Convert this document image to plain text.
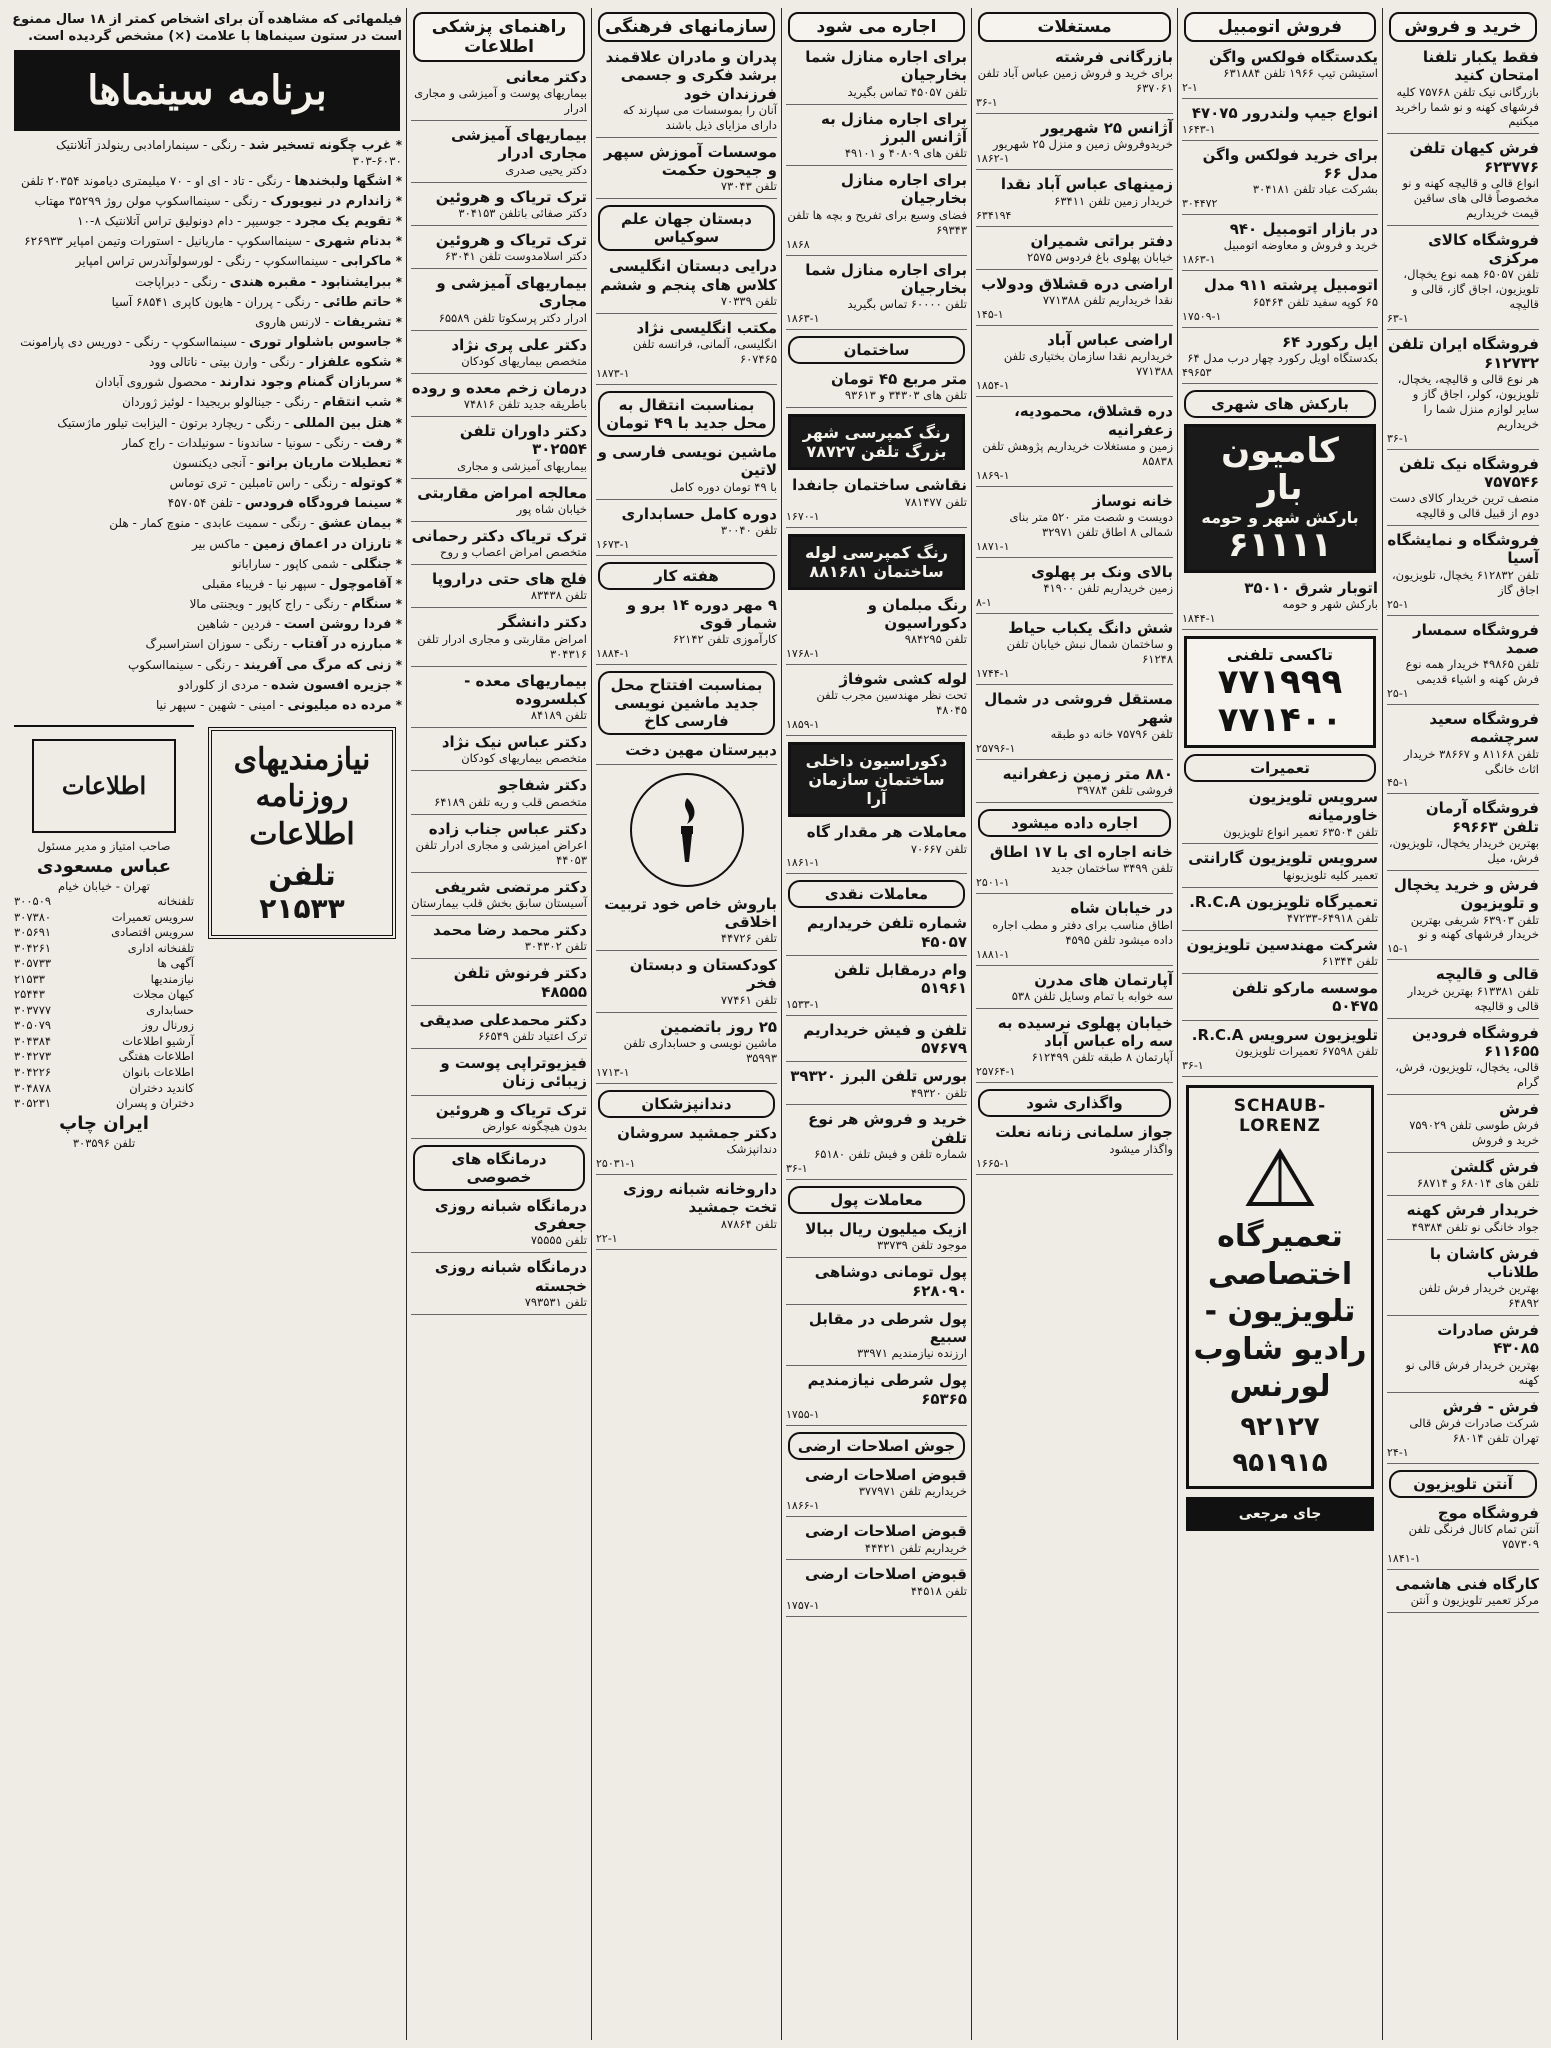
خرید و فروش
فقط یکبار تلفنا امتحان کنید
بازرگانی نیک تلفن ۷۵۷۶۸ کلیه فرشهای کهنه و نو شما راخرید میکنیم
فرش کیهان تلفن ۶۲۳۷۷۶
انواع قالی و قالیچه کهنه و نو مخصوصاً قالی های ساقین قیمت خریداریم
فروشگاه کالای مرکزی
تلفن ۶۵۰۵۷ همه نوع یخچال، تلویزیون، اجاق گاز، قالی و قالیچه
۶۳-۱
فروشگاه ایران تلفن ۶۱۲۷۳۲
هر نوع قالی و قالیچه، یخچال، تلویزیون، کولر، اجاق گاز و سایر لوازم منزل شما را خریداریم
۳۶-۱
فروشگاه نیک تلفن ۷۵۷۵۴۶
منصف ترین خریدار کالای دست دوم از قبیل قالی و قالیچه
فروشگاه و نمایشگاه آسیا
تلفن ۶۱۲۸۳۲ یخچال، تلویزیون، اجاق گاز
۲۵-۱
فروشگاه سمسار صمد
تلفن ۴۹۸۶۵ خریدار همه نوع فرش کهنه و اشیاء قدیمی
۲۵-۱
فروشگاه سعید سرچشمه
تلفن ۸۱۱۶۸ و ۳۸۶۶۷ خریدار اثاث خانگی
۴۵-۱
فروشگاه آرمان تلفن ۶۹۶۶۳
بهترین خریدار یخچال، تلویزیون، فرش، میل
فرش و خرید یخچال و تلویزیون
تلفن ۶۳۹۰۳ شریفی بهترین خریدار فرشهای کهنه و نو
۱۵-۱
قالی و قالیچه
تلفن ۶۱۳۳۸۱ بهترین خریدار قالی و قالیچه
فروشگاه فرودین ۶۱۱۶۵۵
قالی، یخچال، تلویزیون، فرش، گرام
فرش
فرش طوسی تلفن ۷۵۹۰۲۹ خرید و فروش
فرش گلشن
تلفن های ۶۸۰۱۴ و ۶۸۷۱۴
خریدار فرش کهنه
جواد خانگی نو تلفن ۴۹۳۸۴
فرش کاشان با طلاناب
بهترین خریدار فرش تلفن ۶۴۸۹۲
فرش صادرات ۴۳۰۸۵
بهترین خریدار فرش قالی نو کهنه
فرش - فرش
شرکت صادرات فرش قالی تهران تلفن ۶۸۰۱۴
۲۴-۱
آنتن تلویزیون
فروشگاه موج
آنتن تمام کانال فرنگی تلفن ۷۵۷۳۰۹
۱۸۴۱-۱
کارگاه فنی هاشمی
مرکز تعمیر تلویزیون و آنتن
فروش اتومبیل
یکدستگاه فولکس واگن
استیشن تیپ ۱۹۶۶ تلفن ۶۳۱۸۸۴
۲-۱
انواع جیپ ولندرور ۴۷۰۷۵
۱۶۴۳-۱
برای خرید فولکس واگن مدل ۶۶
بشرکت عباد تلفن ۳۰۴۱۸۱
۳۰۴۴۷۲
در بازار اتومبیل ۹۴۰
خرید و فروش و معاوضه اتومبیل
۱۸۶۳-۱
اتومبیل پرشته ۹۱۱ مدل
۶۵ کوپه سفید تلفن ۶۵۴۶۴
۱۷۵۰۹-۱
ایل رکورد ۶۴
بکدستگاه اویل رکورد چهار درب مدل ۶۴
۴۹۶۵۳
بارکش های شهری
کامیون بار
بارکش شهر و حومه
۶۱۱۱۱
اتوبار شرق ۳۵۰۱۰
بارکش شهر و حومه
۱۸۴۴-۱
تاکسی تلفنی
۷۷۱۹۹۹
۷۷۱۴۰۰
تعمیرات
سرویس تلویزیون خاورمیانه
تلفن ۶۳۵۰۴ تعمیر انواع تلویزیون
سرویس تلویزیون گارانتی
تعمیر کلیه تلویزیونها
تعمیرگاه تلویزیون R.C.A.
تلفن ۶۴۹۱۸-۴۷۲۳۳
شرکت مهندسین تلویزیون
تلفن ۶۱۳۴۴
موسسه مارکو تلفن ۵۰۴۷۵
تلویزیون سرویس R.C.A.
تلفن ۶۷۵۹۸ تعمیرات تلویزیون
۳۶-۱
SCHAUB-LORENZ
تعمیرگاه اختصاصی تلویزیون - رادیو شاوب لورنس
۹۲۱۲۷
۹۵۱۹۱۵
جای مرجعی
مستغلات
بازرگانی فرشته
برای خرید و فروش زمین عباس آباد تلفن ۶۳۷۰۶۱
۳۶-۱
آژانس ۲۵ شهریور
خریدوفروش زمین و منزل ۲۵ شهریور
۱۸۶۲-۱
زمینهای عباس آباد نقدا
خریدار زمین تلفن ۶۳۴۱۱
۶۳۴۱۹۴
دفتر براتی شمیران
خیابان پهلوی باغ فردوس ۲۵۷۵
اراضی دره قشلاق ودولاب
نقدا خریداریم تلفن ۷۷۱۳۸۸
۱۴۵-۱
اراضی عباس آباد
خریداریم نقدا سازمان بختیاری تلفن ۷۷۱۳۸۸
۱۸۵۴-۱
دره قشلاق، محمودیه، زعفرانیه
زمین و مستغلات خریداریم پژوهش تلفن ۸۵۸۳۸
۱۸۶۹-۱
خانه نوساز
دویست و شصت متر ۵۲۰ متر بنای شمالی ۸ اطاق تلفن ۳۲۹۷۱
۱۸۷۱-۱
بالای ونک بر پهلوی
زمین خریداریم تلفن ۴۱۹۰۰
۸-۱
شش دانگ یکباب حیاط
و ساختمان شمال نبش خیابان تلفن ۶۱۲۴۸
۱۷۴۴-۱
مستقل فروشی در شمال شهر
تلفن ۷۵۷۹۶ خانه دو طبقه
۲۵۷۹۶-۱
۸۸۰ متر زمین زعفرانیه
فروشی تلفن ۳۹۷۸۴
اجاره داده میشود
خانه اجاره ای با ۱۷ اطاق
تلفن ۳۴۹۹ ساختمان جدید
۲۵۰۱-۱
در خیابان شاه
اطاق مناسب برای دفتر و مطب اجاره داده میشود تلفن ۴۵۹۵
۱۸۸۱-۱
آپارتمان های مدرن
سه خوابه با تمام وسایل تلفن ۵۳۸
خیابان پهلوی نرسیده به سه راه عباس آباد
آپارتمان ۸ طبقه تلفن ۶۱۲۴۹۹
۲۵۷۶۴-۱
واگذاری شود
جواز سلمانی زنانه نعلت
واگذار میشود
۱۶۶۵-۱
اجاره می شود
برای اجاره منازل شما بخارجیان
تلفن ۴۵۰۵۷ تماس بگیرید
برای اجاره منازل به آژانس البرز
تلفن های ۴۰۸۰۹ و ۴۹۱۰۱
برای اجاره منازل بخارجیان
فضای وسیع برای تفریح و بچه ها تلفن ۶۹۳۴۳
۱۸۶۸
برای اجاره منازل شما بخارجیان
تلفن ۶۰۰۰۰ تماس بگیرید
۱۸۶۳-۱
ساختمان
متر مربع ۴۵ تومان
تلفن های ۳۴۳۰۳ و ۹۳۶۱۳
رنگ کمپرسی شهر بزرگ تلفن ۷۸۷۲۷
نقاشی ساختمان جانفدا
تلفن ۷۸۱۴۷۷
۱۶۷۰-۱
رنگ کمپرسی لوله ساختمان ۸۸۱۶۸۱
رنگ مبلمان و دکوراسیون
تلفن ۹۸۴۲۹۵
۱۷۶۸-۱
لوله کشی شوفاژ
تحت نظر مهندسین مجرب تلفن ۴۸۰۴۵
۱۸۵۹-۱
دکوراسیون داخلی ساختمان سازمان آرا
معاملات هر مقدار گاه
تلفن ۷۰۶۶۷
۱۸۶۱-۱
معاملات نقدی
شماره تلفن خریداریم ۴۵۰۵۷
وام درمقابل تلفن ۵۱۹۶۱
۱۵۳۳-۱
تلفن و فیش خریداریم ۵۷۶۷۹
بورس تلفن البرز ۳۹۳۲۰
تلفن ۴۹۳۲۰
خرید و فروش هر نوع تلفن
شماره تلفن و فیش تلفن ۶۵۱۸۰
۳۶-۱
معاملات پول
ازیک میلیون ریال ببالا
موجود تلفن ۳۳۷۳۹
پول تومانی دوشاهی ۶۲۸۰۹۰
پول شرطی در مقابل سبیع
ارزنده نیازمندیم ۳۳۹۷۱
پول شرطی نیازمندیم ۶۵۳۶۵
۱۷۵۵-۱
جوش اصلاحات ارضی
قبوض اصلاحات ارضی
خریداریم تلفن ۳۷۷۹۷۱
۱۸۶۶-۱
قبوض اصلاحات ارضی
خریداریم تلفن ۴۴۴۲۱
قبوض اصلاحات ارضی
تلفن ۴۴۵۱۸
۱۷۵۷-۱
سازمانهای فرهنگی
پدران و مادران علاقمند برشد فکری و جسمی فرزندان خود
آنان را بموسسات می سپارند که دارای مزایای ذیل باشند
موسسات آموزش سپهر و جیحون حکمت
تلفن ۷۳۰۴۳
دبستان جهان علم سوکیاس
درایی دبستان انگلیسی کلاس های پنجم و ششم
تلفن ۷۰۳۳۹
مکتب انگلیسی نژاد
انگلیسی، آلمانی، فرانسه تلفن ۶۰۷۴۶۵
۱۸۷۳-۱
بمناسبت انتقال به محل جدید با ۴۹ تومان
ماشین نویسی فارسی و لاتین
با ۴۹ تومان دوره کامل
دوره کامل حسابداری
تلفن ۳۰۰۴۰
۱۶۷۳-۱
هفته کار
۹ مهر دوره ۱۴ برو و شمار قوی
کارآموزی تلفن ۶۲۱۴۲
۱۸۸۴-۱
بمناسبت افتتاح محل جدید ماشین نویسی فارسی کاخ
دبیرستان مهین دخت
باروش خاص خود تربیت اخلاقی
تلفن ۴۴۷۲۶
کودکستان و دبستان فخر
تلفن ۷۷۴۶۱
۲۵ روز باتضمین
ماشین نویسی و حسابداری تلفن ۳۵۹۹۳
۱۷۱۳-۱
دندانپزشکان
دکتر جمشید سروشان
دندانپزشک
۲۵۰۳۱-۱
داروخانه شبانه روزی تخت جمشید
تلفن ۸۷۸۶۴
۲۲-۱
راهنمای پزشکی اطلاعات
دکتر معانی
بیماریهای پوست و آمیزشی و مجاری ادرار
بیماریهای آمیزشی مجاری ادرار
دکتر یحیی صدری
ترک تریاک و هروئین
دکتر صفائی باتلفن ۳۰۴۱۵۳
ترک تریاک و هروئین
دکتر اسلامدوست تلفن ۶۳۰۴۱
بیماریهای آمیزشی و مجاری
ادرار دکتر پرسکوتا تلفن ۶۵۵۸۹
دکتر علی پری نژاد
متخصص بیماریهای کودکان
درمان زخم معده و روده
باطریقه جدید تلفن ۷۴۸۱۶
دکتر داوران تلفن ۳۰۲۵۵۴
بیماریهای آمیزشی و مجاری
معالجه امراض مقاربتی
خیابان شاه پور
ترک تریاک دکتر رحمانی
متخصص امراض اعصاب و روح
فلج های حتی دراروپا
تلفن ۸۳۴۳۸
دکتر دانشگر
امراض مقاربتی و مجاری ادرار تلفن ۳۰۴۳۱۶
بیماریهای معده - کبلسروده
تلفن ۸۴۱۸۹
دکتر عباس نیک نژاد
متخصص بیماریهای کودکان
دکتر شفاجو
متخصص قلب و ریه تلفن ۶۴۱۸۹
دکتر عباس جناب زاده
اعراض امیزشی و مجاری ادرار تلفن ۴۴۰۵۳
دکتر مرتضی شریفی
آسیستان سابق بخش قلب بیمارستان
دکتر محمد رضا محمد
تلفن ۳۰۴۳۰۲
دکتر فرنوش تلفن ۴۸۵۵۵
دکتر محمدعلی صدیقی
ترک اعتیاد تلفن ۶۶۵۴۹
فیزیوتراپی پوست و زیبائی زنان
ترک تریاک و هروئین
بدون هیچگونه عوارض
درمانگاه های خصوصی
درمانگاه شبانه روزی جعفری
تلفن ۷۵۵۵۵
درمانگاه شبانه روزی خجسته
تلفن ۷۹۳۵۳۱
فیلمهائی که مشاهده آن برای اشخاص کمتر از ۱۸ سال ممنوع است در ستون سینماها با علامت (×) مشخص گردیده است.
برنامه سینماها
* غرب چگونه تسخیر شد - رنگی - سینمارامادبی رینولدز آتلانتیک ۶۰۳۰-۳۰۳
* اشگها ولبخندها - رنگی - تاد - ای او - ۷۰ میلیمتری دیاموند ۲۰۳۵۴ تلفن
* زاندارم در نیویورک - رنگی - سینمااسکوپ مولن روژ ۳۵۲۹۹ مهتاب
* تقویم یک مجرد - جوسیپر - دام دونولیق تراس آتلانتیک ۸-۱۰
* بدنام شهری - سینمااسکوپ - ماریانیل - استورات وتیمن امپایر ۶۲۶۹۳۳
* ماکرابی - سینمااسکوپ - رنگی - لورسولوآندرس تراس امپایر
* ببرایشنابود - مقبره هندی - رنگی - دبراپاجت
* حاتم طائی - رنگی - پرران - هایون کاپری ۶۸۵۴۱ آسیا
* تشریفات - لارنس هاروی
* جاسوس باشلوار توری - سینمااسکوپ - رنگی - دوریس دی پارامونت
* شکوه علفزار - رنگی - وارن بیتی - ناتالی وود
* سربازان گمنام وجود ندارند - محصول شوروی آبادان
* شب انتقام - رنگی - جینالولو بریجیدا - لوئیز ژوردان
* هتل بین المللی - رنگی - ریچارد برتون - الیزابت تیلور ماژستیک
* رفت - رنگی - سونیا - ساندونا - سونیلدات - راج کمار
* تعطیلات ماریان برانو - آنجی دیکنسون
* کوتوله - رنگی - راس تامبلین - تری توماس
* سینما فرودگاه فرودس - تلفن ۴۵۷۰۵۴
* بیمان عشق - رنگی - سمیت عابدی - منوچ کمار - هلن
* تارزان در اعماق زمین - ماکس بیر
* جنگلی - شمی کاپور - سارابانو
* آقاموچول - سپهر نیا - فریباء مقبلی
* سنگام - رنگی - راج کاپور - ویجنتی مالا
* فردا روشن است - فردین - شاهین
* مبارزه در آفتاب - رنگی - سوزان استراسبرگ
* زنی که مرگ می آفریند - رنگی - سینمااسکوپ
* جزیره افسون شده - مردی از کلورادو
* مرده ده میلیونی - امینی - شهین - سپهر نیا
نیازمندیهای روزنامه اطلاعات
تلفن ۲۱۵۳۳
اطلاعات
صاحب امتیاز و مدیر مسئول
عباس مسعودی
تهران - خیابان خیام
تلفنخانه
۳۰۰۵۰۹
سرویس تعمیرات
۳۰۷۳۸۰
سرویس اقتصادی
۳۰۵۶۹۱
تلفنخانه اداری
۳۰۴۲۶۱
آگهی ها
۳۰۵۷۳۳
نیازمندیها
۲۱۵۳۳
کیهان مجلات
۲۵۴۴۳
حسابداری
۳۰۳۷۷۷
زورنال روز
۳۰۵۰۷۹
آرشیو اطلاعات
۳۰۴۳۸۴
اطلاعات هفتگی
۳۰۴۲۷۳
اطلاعات بانوان
۳۰۴۲۲۶
کاندید دختران
۳۰۴۸۷۸
دختران و پسران
۳۰۵۲۳۱
ایران چاپ
تلفن ۳۰۳۵۹۶
